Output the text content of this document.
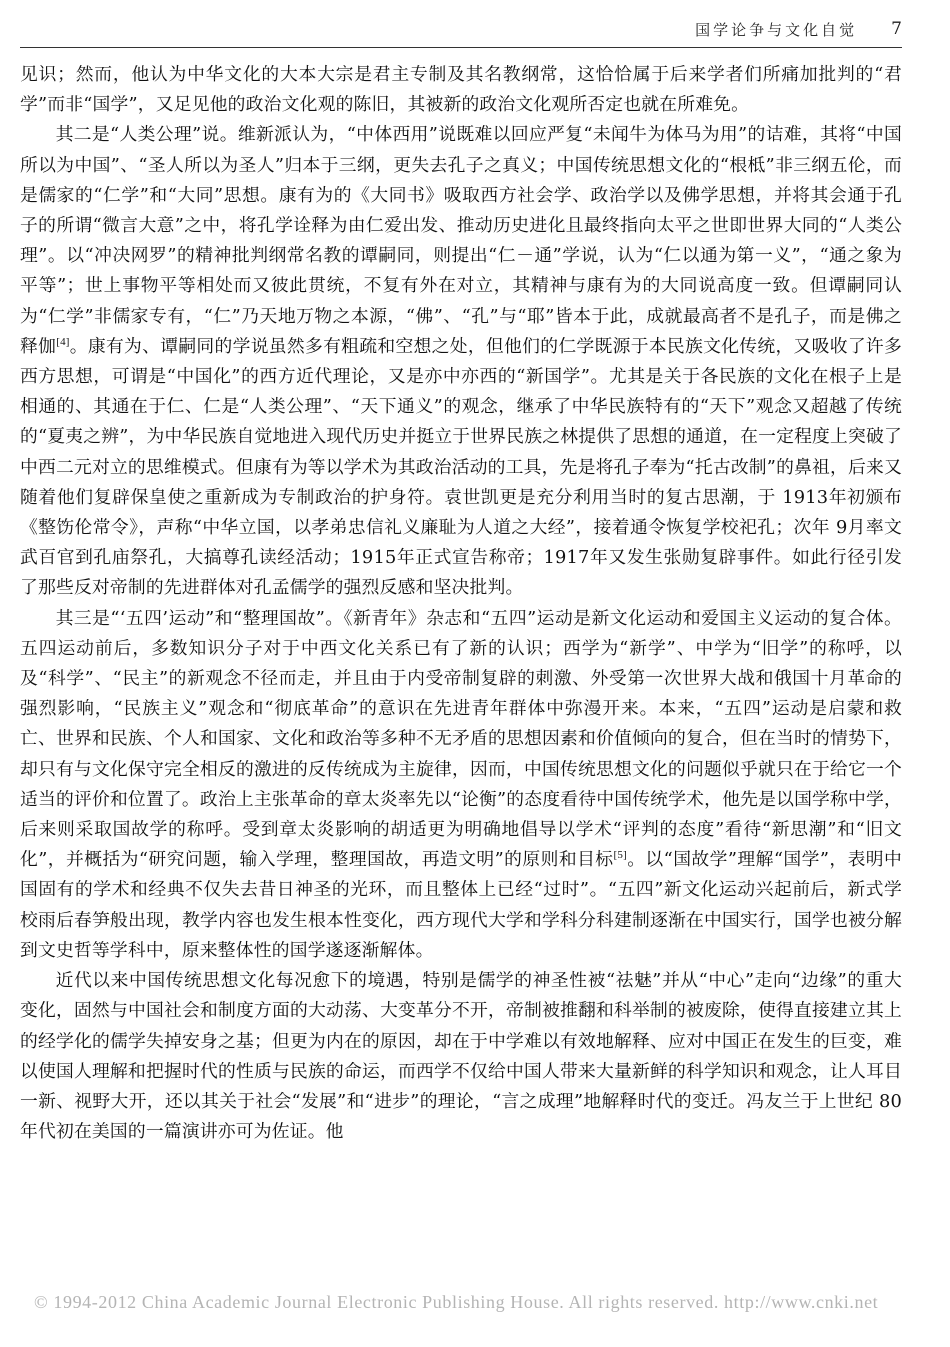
国学论争与文化自觉 7

见识；然而，他认为中华文化的大本大宗是君主专制及其名教纲常，这恰恰属于后来学者们所痛加批判的“君学”而非“国学”，又足见他的政治文化观的陈旧，其被新的政治文化观所否定也就在所难免。

其二是“人类公理”说。维新派认为，“中体西用”说既难以回应严复“未闻牛为体马为用”的诘难，其将“中国所以为中国”、“圣人所以为圣人”归本于三纲，更失去孔子之真义；中国传统思想文化的“根柢”非三纲五伦，而是儒家的“仁学”和“大同”思想。康有为的《大同书》吸取西方社会学、政治学以及佛学思想，并将其会通于孔子的所谓“微言大意”之中，将孔学诠释为由仁爱出发、推动历史进化且最终指向太平之世即世界大同的“人类公理”。以“冲决网罗”的精神批判纲常名教的谭嗣同，则提出“仁－通”学说，认为“仁以通为第一义”，“通之象为平等”；世上事物平等相处而又彼此贯统，不复有外在对立，其精神与康有为的大同说高度一致。但谭嗣同认为“仁学”非儒家专有，“仁”乃天地万物之本源，“佛”、“孔”与“耶”皆本于此，成就最高者不是孔子，而是佛之释伽[4]。康有为、谭嗣同的学说虽然多有粗疏和空想之处，但他们的仁学既源于本民族文化传统，又吸收了许多西方思想，可谓是“中国化”的西方近代理论，又是亦中亦西的“新国学”。尤其是关于各民族的文化在根子上是相通的、其通在于仁、仁是“人类公理”、“天下通义”的观念，继承了中华民族特有的“天下”观念又超越了传统的“夏夷之辨”，为中华民族自觉地进入现代历史并挺立于世界民族之林提供了思想的通道，在一定程度上突破了中西二元对立的思维模式。但康有为等以学术为其政治活动的工具，先是将孔子奉为“托古改制”的鼻祖，后来又随着他们复辟保皇使之重新成为专制政治的护身符。袁世凯更是充分利用当时的复古思潮，于 1913年初颁布《整饬伦常令》，声称“中华立国，以孝弟忠信礼义廉耻为人道之大经”，接着通令恢复学校祀孔；次年 9月率文武百官到孔庙祭孔，大搞尊孔读经活动；1915年正式宣告称帝；1917年又发生张勋复辟事件。如此行径引发了那些反对帝制的先进群体对孔孟儒学的强烈反感和坚决批判。

其三是“‘五四’运动”和“整理国故”。《新青年》杂志和“五四”运动是新文化运动和爱国主义运动的复合体。五四运动前后，多数知识分子对于中西文化关系已有了新的认识；西学为“新学”、中学为“旧学”的称呼，以及“科学”、“民主”的新观念不径而走，并且由于内受帝制复辟的刺激、外受第一次世界大战和俄国十月革命的强烈影响，“民族主义”观念和“彻底革命”的意识在先进青年群体中弥漫开来。本来，“五四”运动是启蒙和救亡、世界和民族、个人和国家、文化和政治等多种不无矛盾的思想因素和价值倾向的复合，但在当时的情势下，却只有与文化保守完全相反的激进的反传统成为主旋律，因而，中国传统思想文化的问题似乎就只在于给它一个适当的评价和位置了。政治上主张革命的章太炎率先以“论衡”的态度看待中国传统学术，他先是以国学称中学，后来则采取国故学的称呼。受到章太炎影响的胡适更为明确地倡导以学术“评判的态度”看待“新思潮”和“旧文化”，并概括为“研究问题，输入学理，整理国故，再造文明”的原则和目标[5]。以“国故学”理解“国学”，表明中国固有的学术和经典不仅失去昔日神圣的光环，而且整体上已经“过时”。“五四”新文化运动兴起前后，新式学校雨后春笋般出现，教学内容也发生根本性变化，西方现代大学和学科分科建制逐渐在中国实行，国学也被分解到文史哲等学科中，原来整体性的国学遂逐渐解体。

近代以来中国传统思想文化每况愈下的境遇，特别是儒学的神圣性被“祛魅”并从“中心”走向“边缘”的重大变化，固然与中国社会和制度方面的大动荡、大变革分不开，帝制被推翻和科举制的被废除，使得直接建立其上的经学化的儒学失掉安身之基；但更为内在的原因，却在于中学难以有效地解释、应对中国正在发生的巨变，难以使国人理解和把握时代的性质与民族的命运，而西学不仅给中国人带来大量新鲜的科学知识和观念，让人耳目一新、视野大开，还以其关于社会“发展”和“进步”的理论，“言之成理”地解释时代的变迁。冯友兰于上世纪 80年代初在美国的一篇演讲亦可为佐证。他

© 1994-2012 China Academic Journal Electronic Publishing House. All rights reserved. http://www.cnki.net
